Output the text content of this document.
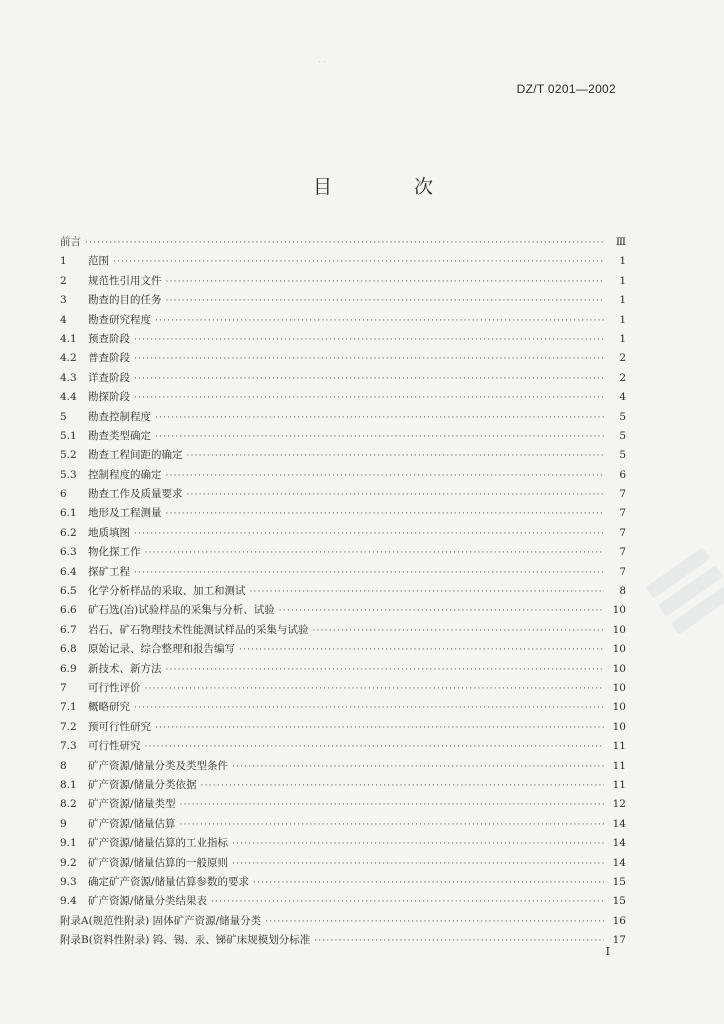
· ·
DZ/T 0201—2002
目 次
前言 ·····	Ⅲ
1	范围 ·····	1
2	规范性引用文件 ·····	1
3	勘查的目的任务 ·····	1
4	勘查研究程度 ·····	1
4.1	预查阶段 ·····	1
4.2	普查阶段 ·····	2
4.3	详查阶段 ·····	2
4.4	勘探阶段 ·····	4
5	勘查控制程度 ·····	5
5.1	勘查类型确定 ·····	5
5.2	勘查工程间距的确定 ·····	5
5.3	控制程度的确定 ·····	6
6	勘查工作及质量要求 ·····	7
6.1	地形及工程测量 ·····	7
6.2	地质填图 ·····	7
6.3	物化探工作 ·····	7
6.4	探矿工程 ·····	7
6.5	化学分析样品的采取、加工和测试 ·····	8
6.6	矿石选(冶)试验样品的采集与分析、试验 ·····	10
6.7	岩石、矿石物理技术性能测试样品的采集与试验 ·····	10
6.8	原始记录、综合整理和报告编写 ·····	10
6.9	新技术、新方法 ·····	10
7	可行性评价 ·····	10
7.1	概略研究 ·····	10
7.2	预可行性研究 ·····	10
7.3	可行性研究 ·····	11
8	矿产资源/储量分类及类型条件 ·····	11
8.1	矿产资源/储量分类依据 ·····	11
8.2	矿产资源/储量类型 ·····	12
9	矿产资源/储量估算 ·····	14
9.1	矿产资源/储量估算的工业指标 ·····	14
9.2	矿产资源/储量估算的一般原则 ·····	14
9.3	确定矿产资源/储量估算参数的要求 ·····	15
9.4	矿产资源/储量分类结果表 ·····	15
附录A(规范性附录) 固体矿产资源/储量分类 ·····	16
附录B(资料性附录) 钨、锡、汞、锑矿床规模划分标准 ·····	17
I
